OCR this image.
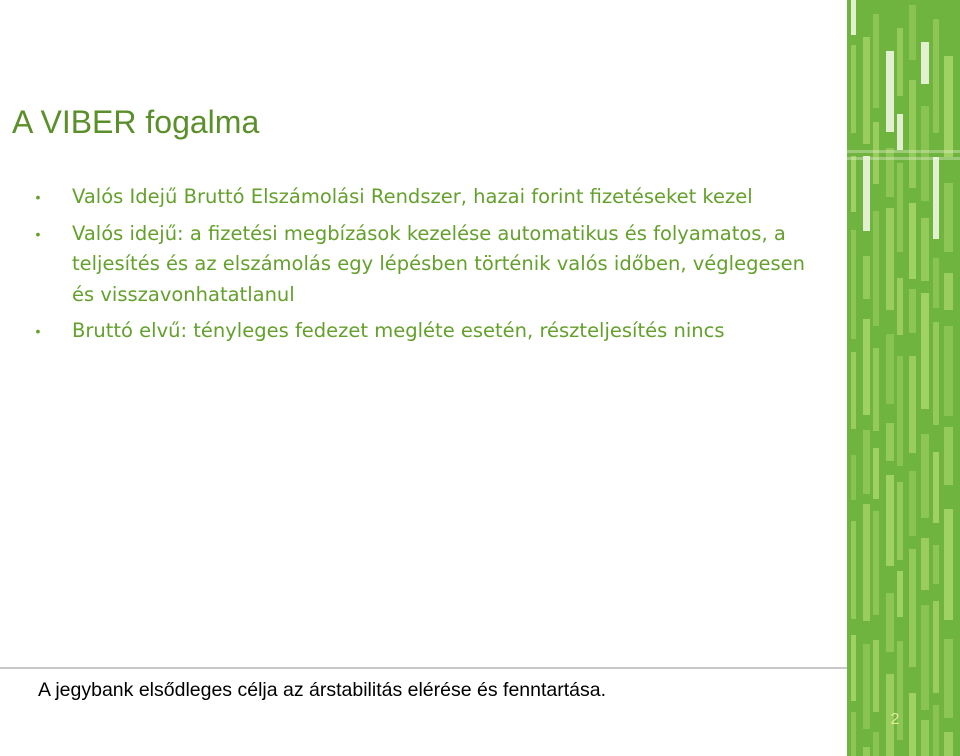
A VIBER fogalma
• Valós Idejű Bruttó Elszámolási Rendszer, hazai forint fizetéseket kezel
• Valós idejű: a fizetési megbízások kezelése automatikus és folyamatos, a teljesítés és az elszámolás egy lépésben történik valós időben, véglegesen és visszavonhatatlanul
• Bruttó elvű: tényleges fedezet megléte esetén, részteljesítés nincs

A jegybank elsődleges célja az árstabilitás elérése és fenntartása.

2
